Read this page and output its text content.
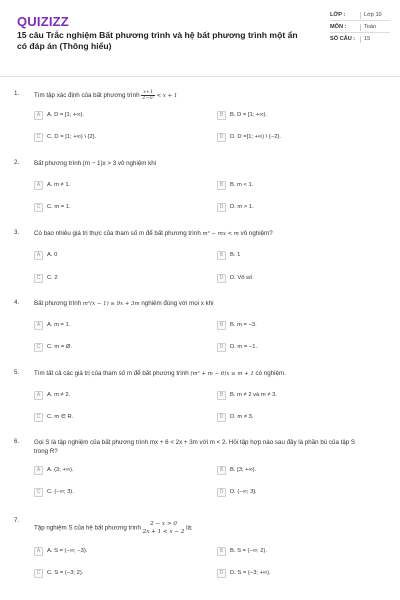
QUIZIZZ
15 câu Trắc nghiệm Bất phương trình và hệ bất phương trình một ẩn có đáp án (Thông hiểu)
LỚP :	Lớp 10
MÔN :	Toán
SỐ CÂU :	15
1. Tìm tập xác định của bất phương trình $\frac{x+1}{\text{2−x²}} < x + 1$
A	A. D = [1; +∞).	B	B. D = [1; +∞).
C	C. D = [1; +∞) \ {2}.	D	D. D =[1; +∞) \ {−2}.
2. Bất phương trình (m − 1)x > 3 vô nghiệm khi
A	A. m ≠ 1.	B	B. m < 1.
C	C. m = 1.	D	D. m > 1.
3. Có bao nhiêu giá trị thực của tham số m để bất phương trình m² − mx < m vô nghiệm?
A	A. 0	B	B. 1
C	C. 2	D	D. Vô số
4. Bất phương trình m²(x − 1) ≥ 9x + 3m nghiệm đúng với mọi x khi
A	A. m = 1.	B	B. m = −3.
C	C. m = Ø.	D	D. m = −1.
5. Tìm tất cả các giá trị của tham số m để bất phương trình (m² + m − 6)x ≥ m + 1 có nghiệm.
A	A. m ≠ 2.	B	B. m ≠ 2 và m ≠ 3.
C	C. m ∈ R.	D	D. m ≠ 3.
6. Gọi S là tập nghiệm của bất phương trình mx + 6 < 2x + 3m với m < 2. Hỏi tập hợp nào sau đây là phần bù của tập S trong R?
A	A. (3; +∞).	B	B. [3; +∞).
C	C. (−∞; 3).	D	D. (−∞; 3].
7.
Tập nghiệm S của hệ bất phương trình
2 − x > 0
2x + 1 < x − 2
là:
A	A. S = (−∞; −3).	B	B. S = (−∞; 2).
C	C. S = (−3; 2).	D	D. S = (−3; +∞).
